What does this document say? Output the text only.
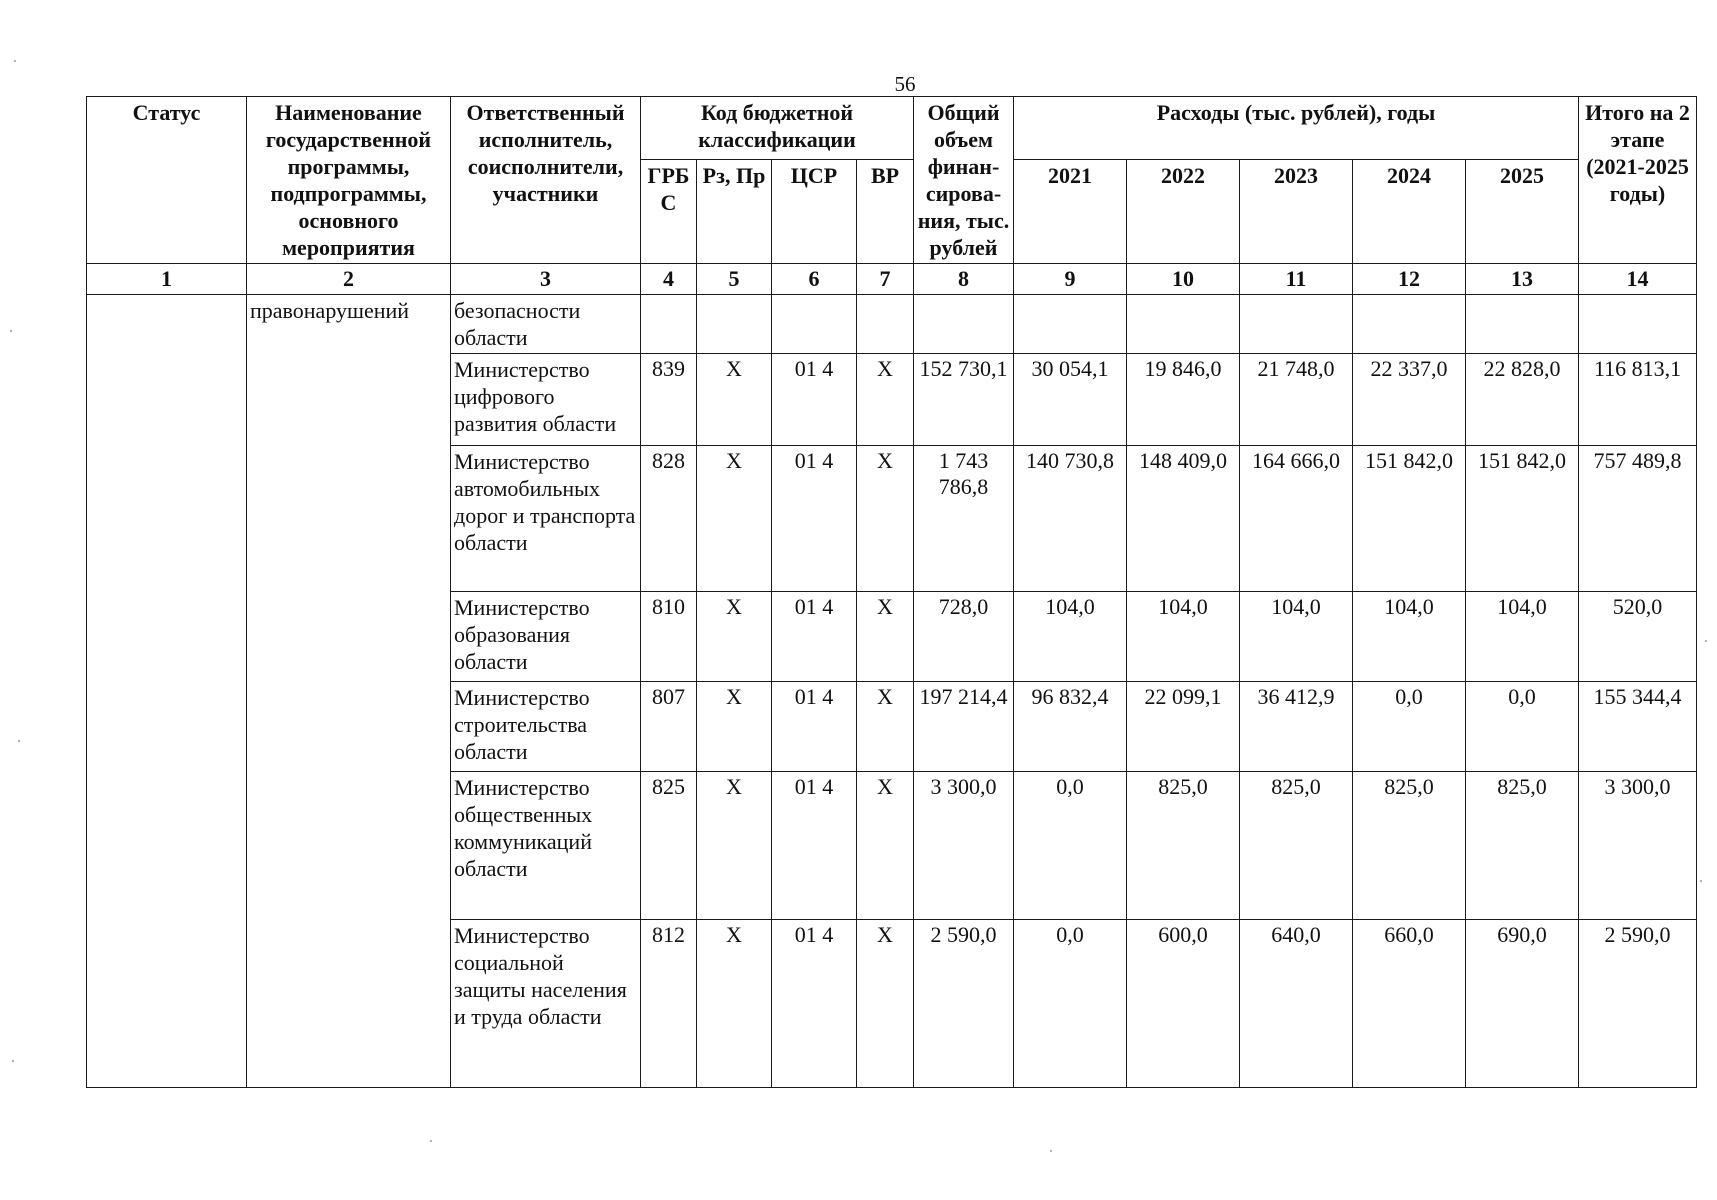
56
Статус	Наименование государственной программы, подпрограммы, основного мероприятия	Ответственный исполнитель, соисполнители, участники	Код бюджетной классификации				Общий объем финан-сирова-ния, тыс. рублей	Расходы (тыс. рублей), годы					Итого на 2 этапе (2021-2025 годы)
			ГРБ С	Рз, Пр	ЦСР	ВР		2021	2022	2023	2024	2025	
1	2	3	4	5	6	7	8	9	10	11	12	13	14
	правонарушений	безопасности области											
		Министерство цифрового развития области	839	X	01 4	X	152 730,1	30 054,1	19 846,0	21 748,0	22 337,0	22 828,0	116 813,1
		Министерство автомобильных дорог и транспорта области	828	X	01 4	X	1 743 786,8	140 730,8	148 409,0	164 666,0	151 842,0	151 842,0	757 489,8
		Министерство образования области	810	X	01 4	X	728,0	104,0	104,0	104,0	104,0	104,0	520,0
		Министерство строительства области	807	X	01 4	X	197 214,4	96 832,4	22 099,1	36 412,9	0,0	0,0	155 344,4
		Министерство общественных коммуникаций области	825	X	01 4	X	3 300,0	0,0	825,0	825,0	825,0	825,0	3 300,0
		Министерство социальной защиты населения и труда области	812	X	01 4	X	2 590,0	0,0	600,0	640,0	660,0	690,0	2 590,0
